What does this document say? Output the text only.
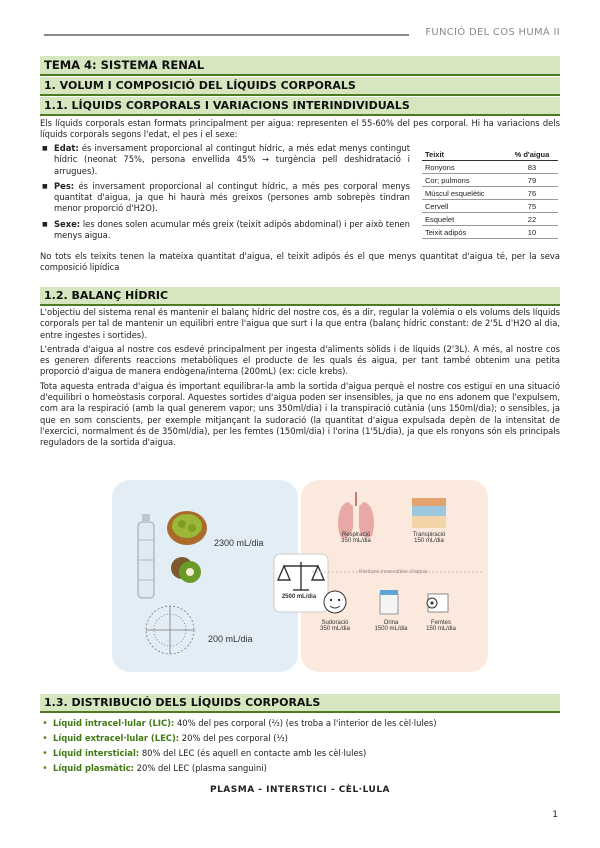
FUNCIÓ DEL COS HUMÀ II
TEMA 4: SISTEMA RENAL
1. VOLUM I COMPOSICIÓ DEL LÍQUIDS CORPORALS
1.1. LÍQUIDS CORPORALS I VARIACIONS INTERINDIVIDUALS
Els líquids corporals estan formats principalment per aigua: representen el 55-60% del pes corporal. Hi ha variacions dels líquids corporals segons l'edat, el pes i el sexe:
■ Edat: és inversament proporcional al contingut hídric, a més edat menys contingut hídric (neonat 75%, persona envellida 45% → turgència pell deshidratació i arrugues).
■ Pes: és inversament proporcional al contingut hídric, a més pes corporal menys quantitat d'aigua, ja que hi haurà més greixos (persones amb sobrepès tindran menor proporció d'H2O).
■ Sexe: les dones solen acumular més greix (teixit adipós abdominal) i per això tenen menys aigua.
Teixit	% d'aigua
Ronyons	83
Cor; pulmons	79
Múscul esquelètic	76
Cervell	75
Esquelet	22
Teixit adipós	10
No tots els teixits tenen la mateixa quantitat d'aigua, el teixit adipós és el que menys quantitat d'aigua té, per la seva composició lipídica
1.2. BALANÇ HÍDRIC

L'objectiu del sistema renal és mantenir el balanç hídric del nostre cos, és a dir, regular la volèmia o els volums dels líquids corporals per tal de mantenir un equilibri entre l'aigua que surt i la que entra (balanç hídric constant: de 2'5L d'H2O al dia, entre ingestes i sortides).

L'entrada d'aigua al nostre cos esdevé principalment per ingesta d'aliments sòlids i de líquids (2'3L). A més, al nostre cos es generen diferents reaccions metabòliques el producte de les quals és aigua, per tant també obtenim una petita proporció d'aigua de manera endògena/interna (200mL) (ex: cicle krebs).

Tota aquesta entrada d'aigua és important equilibrar-la amb la sortida d'aigua perquè el nostre cos estigui en una situació d'equilibri o homeòstasis corporal. Aquestes sortides d'aigua poden ser insensibles, ja que no ens adonem que l'expulsem, com ara la respiració (amb la qual generem vapor; uns 350ml/dia) i la transpiració cutània (uns 150ml/dia); o sensibles, ja que en som conscients, per exemple mitjançant la sudoració (la quantitat d'aigua expulsada depèn de la intensitat de l'exercici, normalment és de 350ml/dia), per les femtes (150ml/dia) i l'orina (1'5L/dia), ja que els ronyons són els principals reguladors de la sortida d'aigua.

2300 mL/dia
200 mL/dia
2500 mL/dia
Pèrdues insensibles d'aigua
Respiració
350 mL/dia
Transpiració
150 mL/dia
Sudoració
350 mL/dia
Orina
1500 mL/dia
Femtes
150 mL/dia
1.3. DISTRIBUCIÓ DELS LÍQUIDS CORPORALS
• Líquid intracel·lular (LIC): 40% del pes corporal (⅔) (es troba a l'interior de les cèl·lules)
• Líquid extracel·lular (LEC): 20% del pes corporal (⅓)
• Líquid intersticial: 80% del LEC (és aquell en contacte amb les cèl·lules)
• Líquid plasmàtic: 20% del LEC (plasma sanguini)
PLASMA - INTERSTICI - CÈL·LULA
1
